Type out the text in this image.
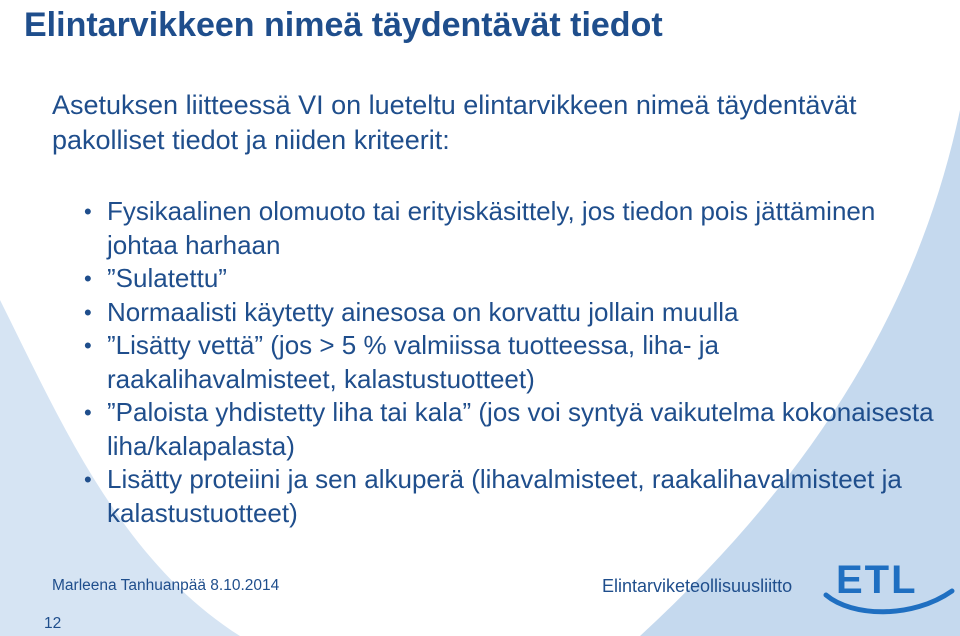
Elintarvikkeen nimeä täydentävät tiedot

Asetuksen liitteessä VI on lueteltu elintarvikkeen nimeä täydentävät pakolliset tiedot ja niiden kriteerit:

• Fysikaalinen olomuoto tai erityiskäsittely, jos tiedon pois jättäminen johtaa harhaan
• ”Sulatettu”
• Normaalisti käytetty ainesosa on korvattu jollain muulla
• ”Lisätty vettä” (jos > 5 % valmiissa tuotteessa, liha- ja raakalihavalmisteet, kalastustuotteet)
• ”Paloista yhdistetty liha tai kala” (jos voi syntyä vaikutelma kokonaisesta liha/kalapalasta)
• Lisätty proteiini ja sen alkuperä (lihavalmisteet, raakalihavalmisteet ja kalastustuotteet)
Marleena Tanhuanpää 8.10.2014	Elintarviketeollisuusliitto
12
ETL
